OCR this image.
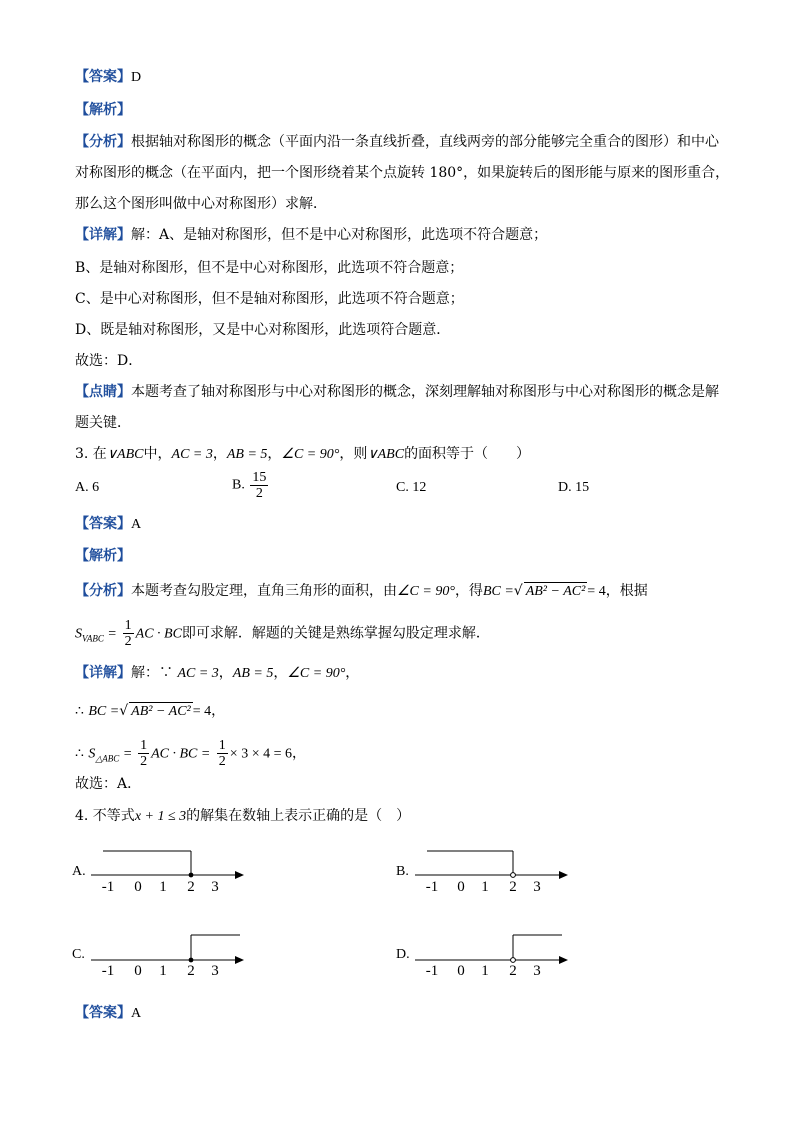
【答案】D
【解析】
【分析】根据轴对称图形的概念（平面内沿一条直线折叠，直线两旁的部分能够完全重合的图形）和中心
对称图形的概念（在平面内，把一个图形绕着某个点旋转 180°，如果旋转后的图形能与原来的图形重合，
那么这个图形叫做中心对称图形）求解．
【详解】解：A、是轴对称图形，但不是中心对称图形，此选项不符合题意；
B、是轴对称图形，但不是中心对称图形，此选项不符合题意；
C、是中心对称图形，但不是轴对称图形，此选项不符合题意；
D、既是轴对称图形，又是中心对称图形，此选项符合题意．
故选：D．
【点睛】本题考查了轴对称图形与中心对称图形的概念，深刻理解轴对称图形与中心对称图形的概念是解
题关键．
3. 在∨ABC中，AC = 3，AB = 5，∠C = 90°，则∨ABC的面积等于（　　）
A. 6	B. $\frac{15}{2}$	C. 12	D. 15
【答案】A
【解析】
【分析】本题考查勾股定理，直角三角形的面积，由∠C = 90°，得BC =√ AB² − AC² = 4，根据
$S_{VABC} = \frac{1}{2}$ AC · BC即可求解．解题的关键是熟练掌握勾股定理求解．
【详解】解：∵ AC = 3，AB = 5，∠C = 90°，
∴ BC =√ AB² − AC² = 4，
∴ $S_{\triangle ABC} = \frac{1}{2}$ AC · BC = $\frac{1}{2} \times 3 \times 4 = 6$，
故选：A．
4. 不等式x + 1 ≤ 3的解集在数轴上表示正确的是（　）
A.
-1 0 1 2 3
B.
-1 0 1 2 3
C.
-1 0 1 2 3
D.
-1 0 1 2 3
【答案】A
